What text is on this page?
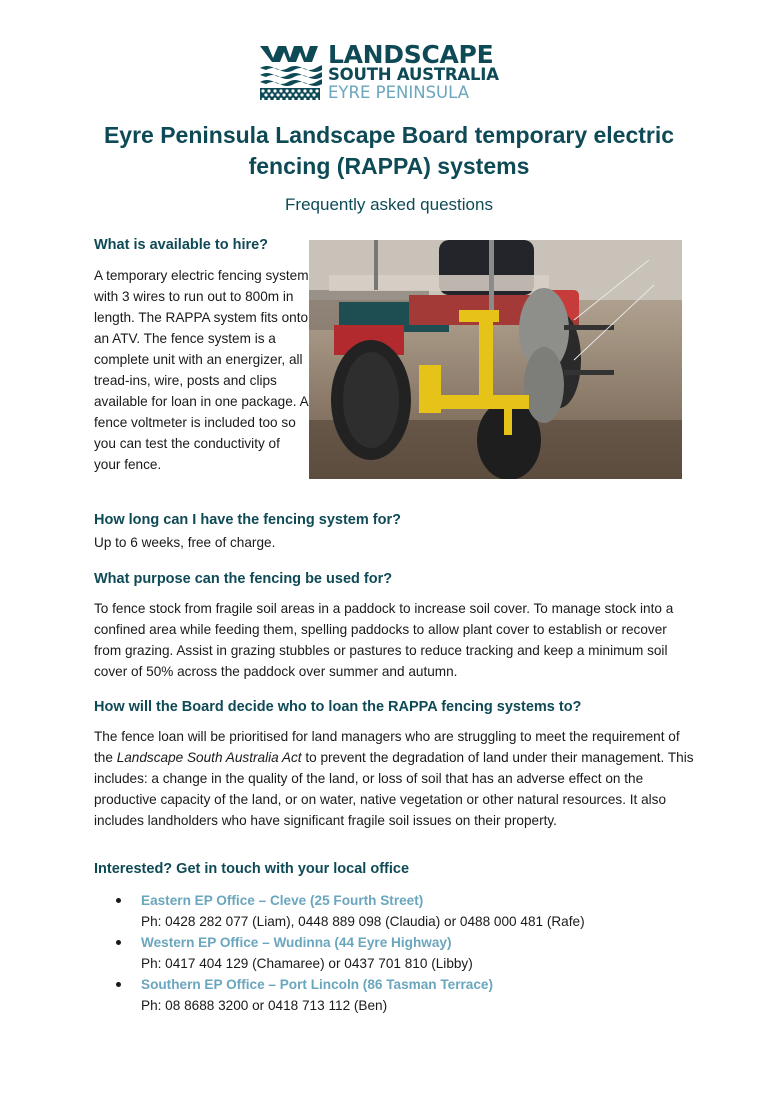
LANDSCAPE
SOUTH AUSTRALIA
EYRE PENINSULA
Eyre Peninsula Landscape Board temporary electric
fencing (RAPPA) systems
Frequently asked questions
What is available to hire?

A temporary electric fencing system with 3 wires to run out to 800m in length. The RAPPA system fits onto an ATV. The fence system is a complete unit with an energizer, all tread-ins, wire, posts and clips available for loan in one package. A fence voltmeter is included too so you can test the conductivity of your fence.

How long can I have the fencing system for?

Up to 6 weeks, free of charge.

What purpose can the fencing be used for?

To fence stock from fragile soil areas in a paddock to increase soil cover. To manage stock into a confined area while feeding them, spelling paddocks to allow plant cover to establish or recover from grazing. Assist in grazing stubbles or pastures to reduce tracking and keep a minimum soil cover of 50% across the paddock over summer and autumn.

How will the Board decide who to loan the RAPPA fencing systems to?

The fence loan will be prioritised for land managers who are struggling to meet the requirement of the Landscape South Australia Act to prevent the degradation of land under their management. This includes: a change in the quality of the land, or loss of soil that has an adverse effect on the productive capacity of the land, or on water, native vegetation or other natural resources. It also includes landholders who have significant fragile soil issues on their property.

Interested? Get in touch with your local office
Eastern EP Office – Cleve (25 Fourth Street)
Ph: 0428 282 077 (Liam), 0448 889 098 (Claudia) or 0488 000 481 (Rafe)
Western EP Office – Wudinna (44 Eyre Highway)
Ph: 0417 404 129 (Chamaree) or 0437 701 810 (Libby)
Southern EP Office – Port Lincoln (86 Tasman Terrace)
Ph: 08 8688 3200 or 0418 713 112 (Ben)
